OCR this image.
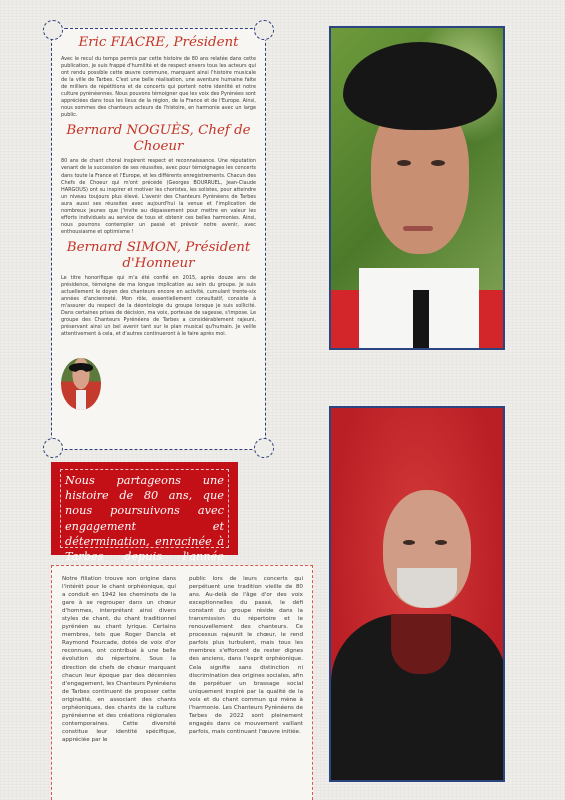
Eric FIACRE, Président

Avec le recul du temps permis par cette histoire de 80 ans relatée dans cette publication, je suis frappé d'humilité et de respect envers tous les acteurs qui ont rendu possible cette œuvre commune, marquant ainsi l'histoire musicale de la ville de Tarbes. C'est une belle réalisation, une aventure humaine faite de milliers de répétitions et de concerts qui portent notre identité et notre culture pyrénéennes. Nous pouvons témoigner que les voix des Pyrénées sont appréciées dans tous les lieux de la région, de la France et de l'Europe. Ainsi, nous sommes des chanteurs acteurs de l'histoire, en harmonie avec un large public.

Bernard NOGUÈS, Chef de Choeur

80 ans de chant choral inspirent respect et reconnaissance. Une réputation venant de la succession de ses réussites, avec pour témoignages les concerts dans toute la France et l'Europe, et les différents enregistrements. Chacun des Chefs de Choeur qui m'ont précédé (Georges BOURRUEL, Jean-Claude HARGOUS) ont su inspirer et motiver les choristes, les solistes, pour atteindre un niveau toujours plus élevé. L'avenir des Chanteurs Pyrénéens de Tarbes aura aussi ses réussites avec aujourd'hui la venue et l'implication de nombreux jeunes que j'invite au dépassement pour mettre en valeur les efforts individuels au service de tous et obtenir ces belles harmonies. Ainsi, nous pourrons contempler un passé et prévoir notre avenir, avec enthousiasme et optimisme !

Bernard SIMON, Président d'Honneur

Le titre honorifique qui m'a été confié en 2015, après douze ans de présidence, témoigne de ma longue implication au sein du groupe. Je suis actuellement le doyen des chanteurs encore en activité, cumulant trente-six années d'ancienneté. Mon rôle, essentiellement consultatif, consiste à m'assurer du respect de la déontologie du groupe lorsque je suis sollicité. Dans certaines prises de décision, ma voix, porteuse de sagesse, s'impose. Le groupe des Chanteurs Pyrénéens de Tarbes a considérablement rajeuni, préservant ainsi un bel avenir tant sur le plan musical qu'humain. Je veille attentivement à cela, et d'autres continueront à le faire après moi.

Nous partageons une histoire de 80 ans, que nous poursuivons avec engagement et détermination, enracinée à Tarbes depuis l'année

Notre filiation trouve son origine dans l'intérêt pour le chant orphéonique, qui a conduit en 1942 les cheminots de la gare à se regrouper dans un chœur d'hommes, interprétant ainsi divers styles de chant, du chant traditionnel pyrénéen au chant lyrique. Certains membres, tels que Roger Dancla et Raymond Fourcade, dotés de voix d'or reconnues, ont contribué à une belle évolution du répertoire. Sous la direction de chefs de chœur marquant chacun leur époque par des décennies d'engagement, les Chanteurs Pyrénéens de Tarbes continuent de proposer cette originalité, en associant des chants orphéoniques, des chants de la culture pyrénéenne et des créations régionales contemporaines. Cette diversité constitue leur identité spécifique, appréciée par le
public lors de leurs concerts qui perpétuent une tradition vieille de 80 ans. Au-delà de l'âge d'or des voix exceptionnelles du passé, le défi constant du groupe réside dans la transmission du répertoire et le renouvellement des chanteurs. Ce processus rajeunit le chœur, le rend parfois plus turbulent, mais tous les membres s'efforcent de rester dignes des anciens, dans l'esprit orphéonique. Cela signifie sans distinction ni discrimination des origines sociales, afin de perpétuer un brassage social uniquement inspiré par la qualité de la voix et du chant commun qui mène à l'harmonie. Les Chanteurs Pyrénéens de Tarbes de 2022 sont pleinement engagés dans ce mouvement vaillant parfois, mais continuant l'œuvre initiée.
